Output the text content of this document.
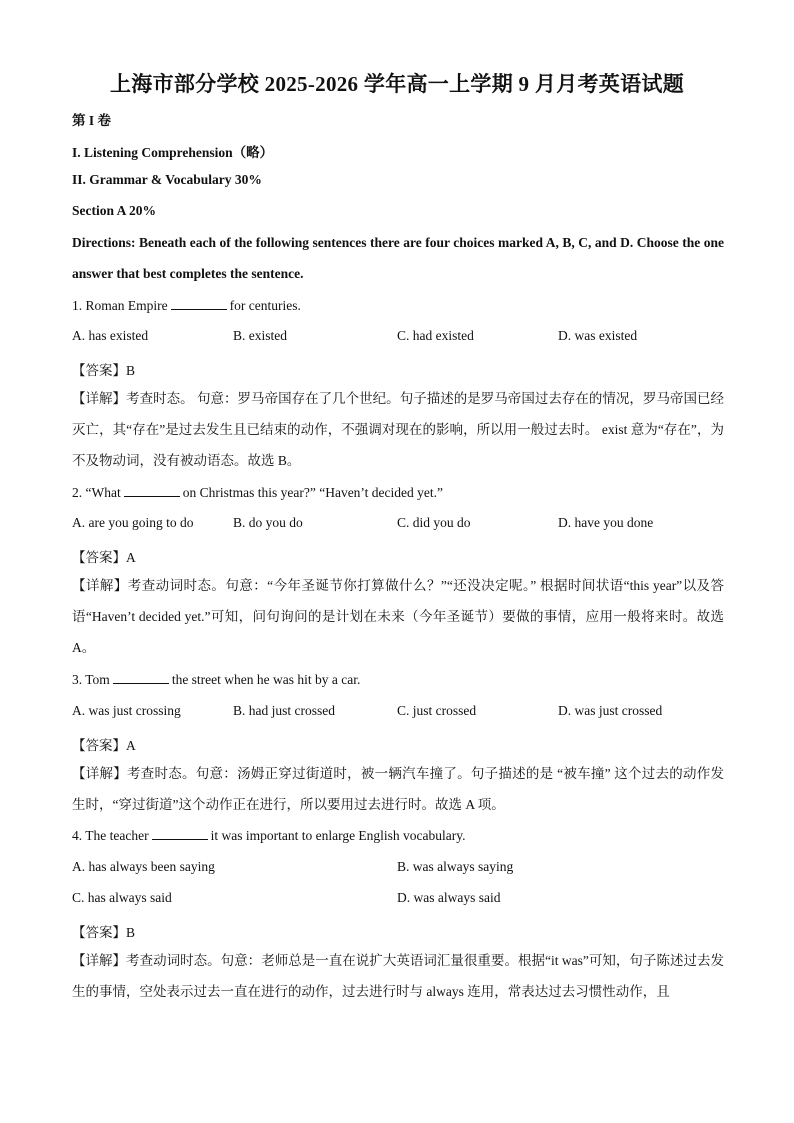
上海市部分学校 2025-2026 学年高一上学期 9 月月考英语试题
第 I 卷
I. Listening Comprehension（略）
II. Grammar & Vocabulary 30%
Section A 20%
Directions: Beneath each of the following sentences there are four choices marked A, B, C, and D. Choose the one answer that best completes the sentence.
1. Roman Empire	for centuries.
A. has existed	B. existed	C. had existed	D. was existed
【答案】B
【详解】考查时态。 句意：罗马帝国存在了几个世纪。句子描述的是罗马帝国过去存在的情况，罗马帝国已经灭亡，其“存在”是过去发生且已结束的动作，不强调对现在的影响，所以用一般过去时。 exist 意为“存在”，为不及物动词，没有被动语态。故选 B。
2. “What	on Christmas this year?” “Haven’t decided yet.”
A. are you going to do	B. do you do	C. did you do	D. have you done
【答案】A
【详解】考查动词时态。句意：“今年圣诞节你打算做什么？”“还没决定呢。” 根据时间状语“this year”以及答语“Haven’t decided yet.”可知，问句询问的是计划在未来（今年圣诞节）要做的事情，应用一般将来时。故选 A。
3. Tom	the street when he was hit by a car.
A. was just crossing	B. had just crossed	C. just crossed	D. was just crossed
【答案】A
【详解】考查时态。句意：汤姆正穿过街道时，被一辆汽车撞了。句子描述的是 “被车撞” 这个过去的动作发生时，“穿过街道”这个动作正在进行，所以要用过去进行时。故选 A 项。
4. The teacher	it was important to enlarge English vocabulary.
A. has always been saying	B. was always saying
C. has always said	D. was always said
【答案】B
【详解】考查动词时态。句意：老师总是一直在说扩大英语词汇量很重要。根据“it was”可知，句子陈述过去发生的事情，空处表示过去一直在进行的动作，过去进行时与 always 连用，常表达过去习惯性动作，且
